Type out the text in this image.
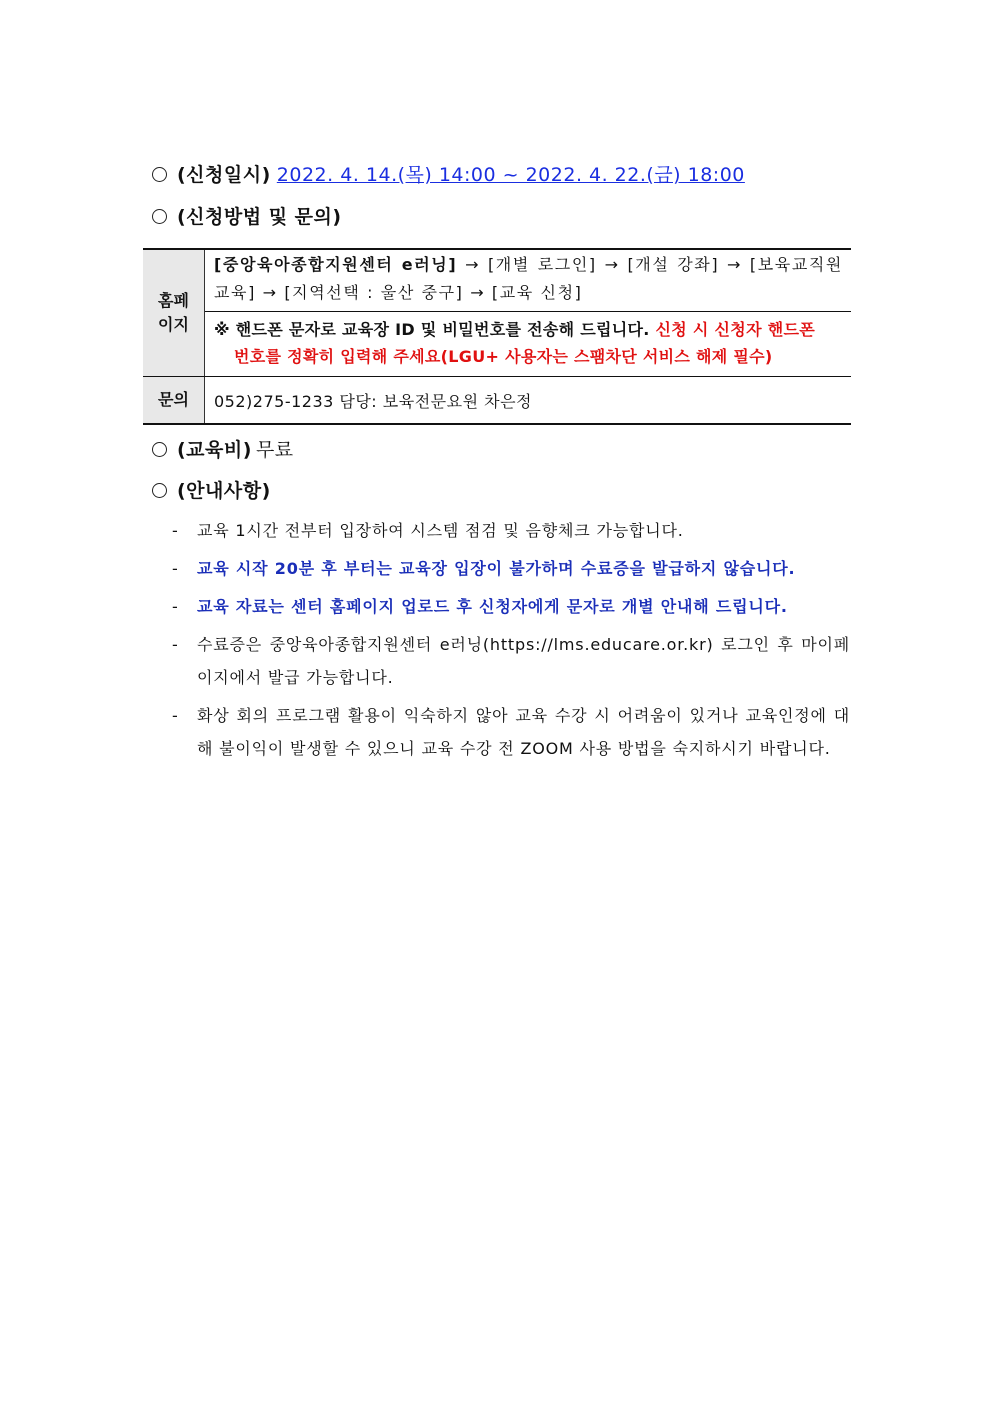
(신청일시) 2022. 4. 14.(목) 14:00 ~ 2022. 4. 22.(금) 18:00
(신청방법 및 문의)
홈페
이지	[중앙육아종합지원센터 e러닝] → [개별 로그인] → [개설 강좌] → [보육교직원 교육] → [지역선택 : 울산 중구] → [교육 신청]
	※ 핸드폰 문자로 교육장 ID 및 비밀번호를 전송해 드립니다. 신청 시 신청자 핸드폰
번호를 정확히 입력해 주세요(LGU+ 사용자는 스팸차단 서비스 해제 필수)
문의	052)275-1233 담당: 보육전문요원 차은정
(교육비) 무료
(안내사항)
-	교육 1시간 전부터 입장하여 시스템 점검 및 음향체크 가능합니다.
-	교육 시작 20분 후 부터는 교육장 입장이 불가하며 수료증을 발급하지 않습니다.
-	교육 자료는 센터 홈페이지 업로드 후 신청자에게 문자로 개별 안내해 드립니다.
-	수료증은 중앙육아종합지원센터 e러닝(https://lms.educare.or.kr) 로그인 후 마이페이지에서 발급 가능합니다.
-	화상 회의 프로그램 활용이 익숙하지 않아 교육 수강 시 어려움이 있거나 교육인정에 대해 불이익이 발생할 수 있으니 교육 수강 전 ZOOM 사용 방법을 숙지하시기 바랍니다.
